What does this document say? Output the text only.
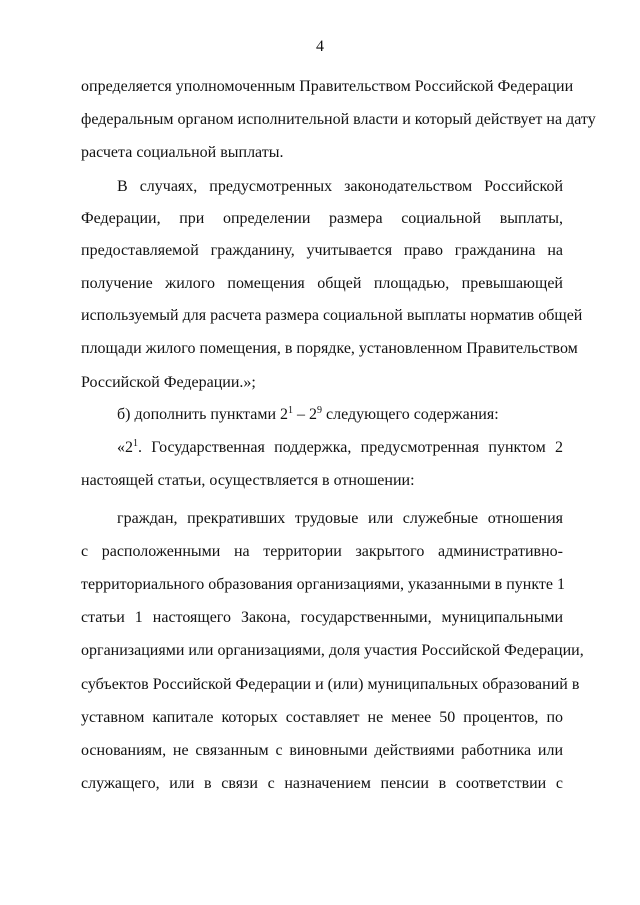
4
определяется уполномоченным Правительством Российской Федерации
федеральным органом исполнительной власти и который действует на дату
расчета социальной выплаты.
В случаях, предусмотренных законодательством Российской
Федерации, при определении размера социальной выплаты,
предоставляемой гражданину, учитывается право гражданина на
получение жилого помещения общей площадью, превышающей
используемый для расчета размера социальной выплаты норматив общей
площади жилого помещения, в порядке, установленном Правительством
Российской Федерации.»;
б) дополнить пунктами $2^1 - 2^9$ следующего содержания:
«$2^1$. Государственная поддержка, предусмотренная пунктом 2
настоящей статьи, осуществляется в отношении:
граждан, прекративших трудовые или служебные отношения
с расположенными на территории закрытого административно-
территориального образования организациями, указанными в пункте 1
статьи 1 настоящего Закона, государственными, муниципальными
организациями или организациями, доля участия Российской Федерации,
субъектов Российской Федерации и (или) муниципальных образований в
уставном капитале которых составляет не менее 50 процентов, по
основаниям, не связанным с виновными действиями работника или
служащего, или в связи с назначением пенсии в соответствии с
